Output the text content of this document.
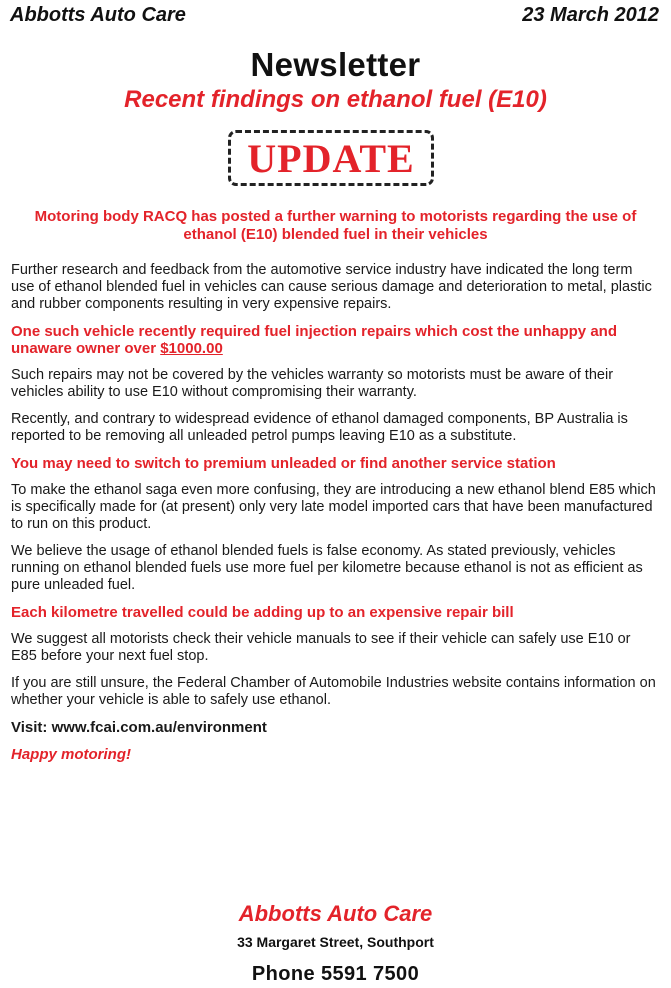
Abbotts Auto Care	23 March 2012
Newsletter
Recent findings on ethanol fuel (E10)
UPDATE
Motoring body RACQ has posted a further warning to motorists regarding the use of ethanol (E10) blended fuel in their vehicles

Further research and feedback from the automotive service industry have indicated the long term use of ethanol blended fuel in vehicles can cause serious damage and deterioration to metal, plastic and rubber components resulting in very expensive repairs.

One such vehicle recently required fuel injection repairs which cost the unhappy and unaware owner over $1000.00

Such repairs may not be covered by the vehicles warranty so motorists must be aware of their vehicles ability to use E10 without compromising their warranty.

Recently, and contrary to widespread evidence of ethanol damaged components, BP Australia is reported to be removing all unleaded petrol pumps leaving E10 as a substitute.

You may need to switch to premium unleaded or find another service station

To make the ethanol saga even more confusing, they are introducing a new ethanol blend E85 which is specifically made for (at present) only very late model imported cars that have been manufactured to run on this product.

We believe the usage of ethanol blended fuels is false economy. As stated previously, vehicles running on ethanol blended fuels use more fuel per kilometre because ethanol is not as efficient as pure unleaded fuel.

Each kilometre travelled could be adding up to an expensive repair bill

We suggest all motorists check their vehicle manuals to see if their vehicle can safely use E10 or E85 before your next fuel stop.

If you are still unsure, the Federal Chamber of Automobile Industries website contains information on whether your vehicle is able to safely use ethanol.

Visit: www.fcai.com.au/environment

Happy motoring!

Abbotts Auto Care
33 Margaret Street, Southport
Phone 5591 7500
